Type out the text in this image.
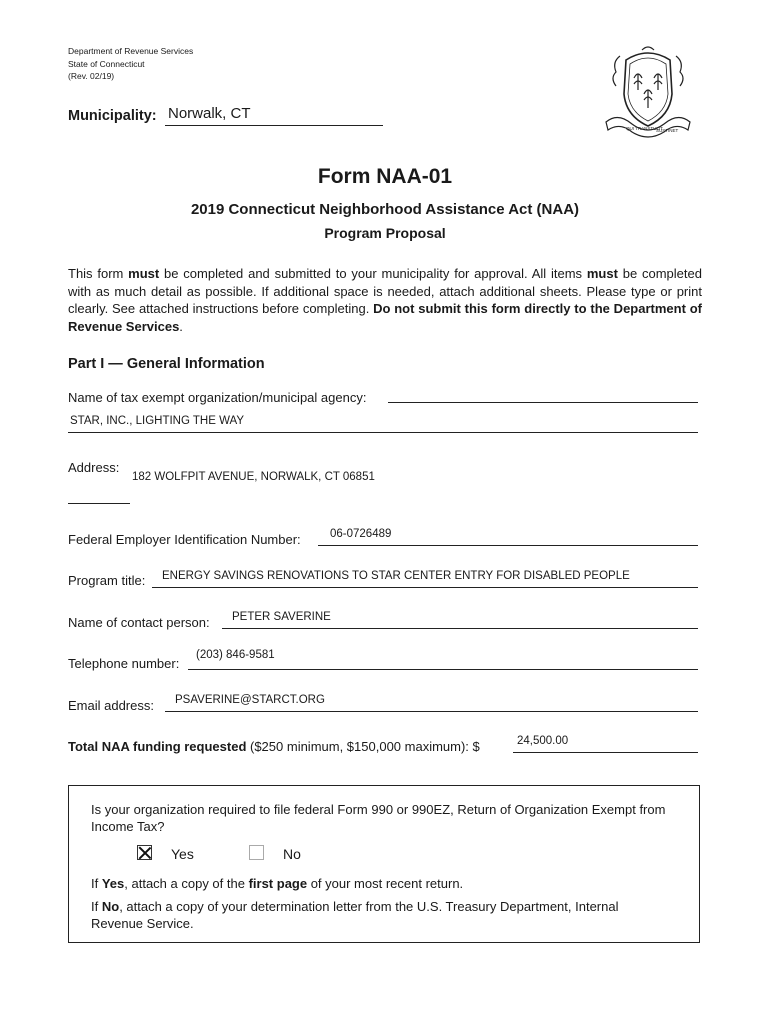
Department of Revenue Services
State of Connecticut
(Rev. 02/19)
QUI TRANSTULIT
SUSTINET
Municipality: Norwalk, CT
Form NAA-01
2019 Connecticut Neighborhood Assistance Act (NAA)
Program Proposal
This form must be completed and submitted to your municipality for approval. All items must be completed with as much detail as possible. If additional space is needed, attach additional sheets. Please type or print clearly. See attached instructions before completing. Do not submit this form directly to the Department of Revenue Services.
Part I — General Information
Name of tax exempt organization/municipal agency:
STAR, INC., LIGHTING THE WAY
Address:
182 WOLFPIT AVENUE, NORWALK, CT 06851
Federal Employer Identification Number:	06-0726489
Program title: ENERGY SAVINGS RENOVATIONS TO STAR CENTER ENTRY FOR DISABLED PEOPLE
Name of contact person: PETER SAVERINE
Telephone number:
(203) 846-9581
Email address: PSAVERINE@STARCT.ORG
Total NAA funding requested ($250 minimum, $150,000 maximum): $	24,500.00
Is your organization required to file federal Form 990 or 990EZ, Return of Organization Exempt from Income Tax?
Yes	No
If Yes, attach a copy of the first page of your most recent return.
If No, attach a copy of your determination letter from the U.S. Treasury Department, Internal Revenue Service.
